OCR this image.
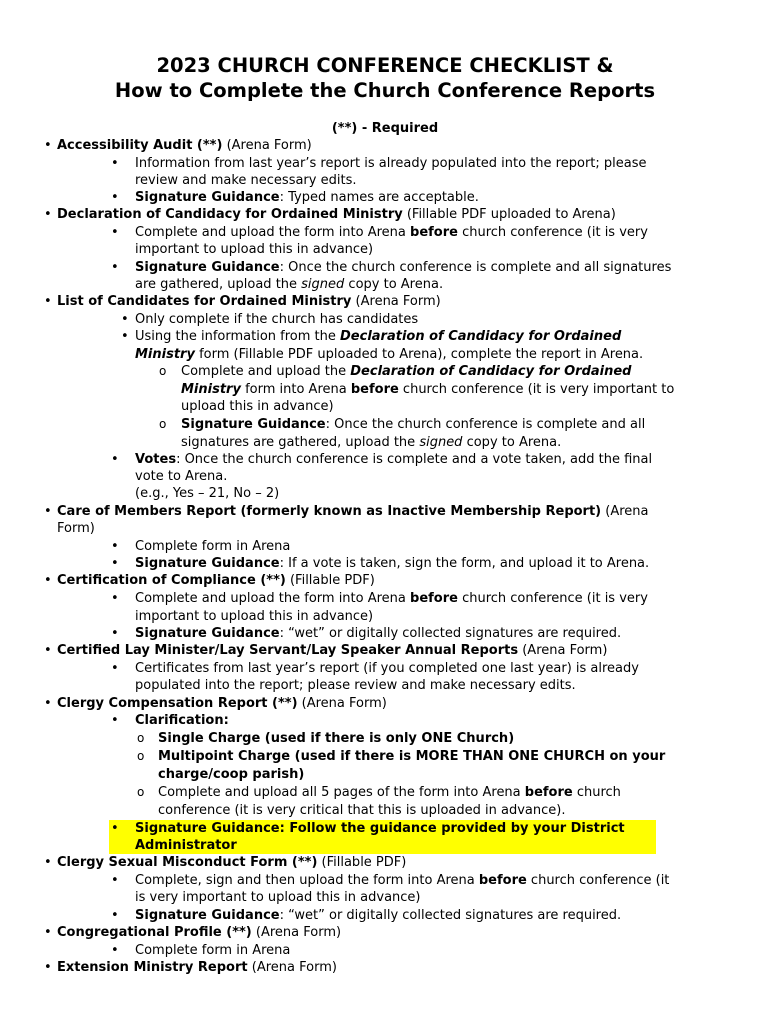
2023 CHURCH CONFERENCE CHECKLIST &
How to Complete the Church Conference Reports
(**) - Required
• Accessibility Audit (**) (Arena Form)
• Information from last year’s report is already populated into the report; please
review and make necessary edits.
• Signature Guidance: Typed names are acceptable.
• Declaration of Candidacy for Ordained Ministry (Fillable PDF uploaded to Arena)
• Complete and upload the form into Arena before church conference (it is very
important to upload this in advance)
• Signature Guidance: Once the church conference is complete and all signatures
are gathered, upload the signed copy to Arena.
• List of Candidates for Ordained Ministry (Arena Form)
• Only complete if the church has candidates
• Using the information from the Declaration of Candidacy for Ordained
Ministry form (Fillable PDF uploaded to Arena), complete the report in Arena.
o Complete and upload the Declaration of Candidacy for Ordained
Ministry form into Arena before church conference (it is very important to
upload this in advance)
o Signature Guidance: Once the church conference is complete and all
signatures are gathered, upload the signed copy to Arena.
• Votes: Once the church conference is complete and a vote taken, add the final
vote to Arena.
(e.g., Yes – 21, No – 2)
• Care of Members Report (formerly known as Inactive Membership Report) (Arena
Form)
• Complete form in Arena
• Signature Guidance: If a vote is taken, sign the form, and upload it to Arena.
• Certification of Compliance (**) (Fillable PDF)
• Complete and upload the form into Arena before church conference (it is very
important to upload this in advance)
• Signature Guidance: “wet” or digitally collected signatures are required.
• Certified Lay Minister/Lay Servant/Lay Speaker Annual Reports (Arena Form)
• Certificates from last year’s report (if you completed one last year) is already
populated into the report; please review and make necessary edits.
• Clergy Compensation Report (**) (Arena Form)
• Clarification:
o Single Charge (used if there is only ONE Church)
o Multipoint Charge (used if there is MORE THAN ONE CHURCH on your
charge/coop parish)
o Complete and upload all 5 pages of the form into Arena before church
conference (it is very critical that this is uploaded in advance).
• Signature Guidance: Follow the guidance provided by your District
Administrator
• Clergy Sexual Misconduct Form (**) (Fillable PDF)
• Complete, sign and then upload the form into Arena before church conference (it
is very important to upload this in advance)
• Signature Guidance: “wet” or digitally collected signatures are required.
• Congregational Profile (**) (Arena Form)
• Complete form in Arena
• Extension Ministry Report (Arena Form)
